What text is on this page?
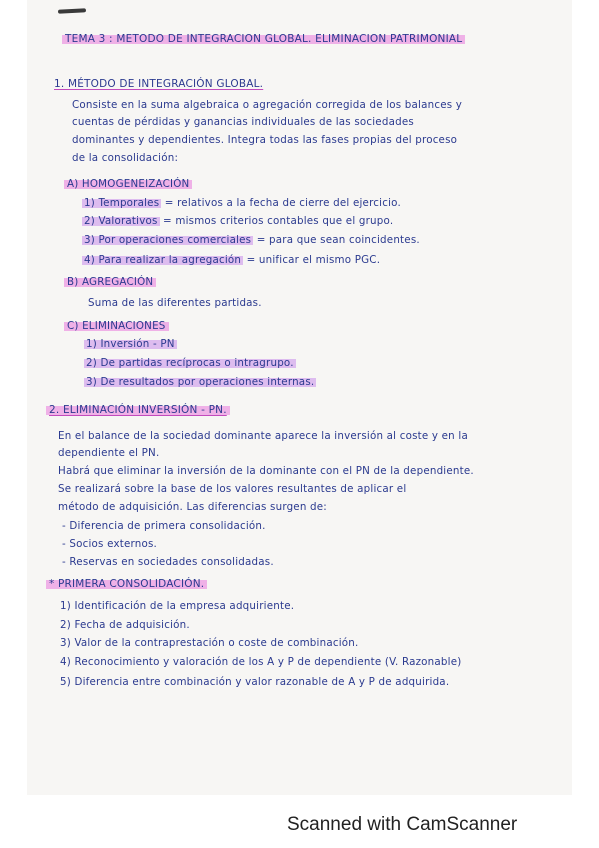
TEMA 3 : METODO DE INTEGRACION GLOBAL. ELIMINACION PATRIMONIAL
1. MÉTODO DE INTEGRACIÓN GLOBAL.
Consiste en la suma algebraica o agregación corregida de los balances y
cuentas de pérdidas y ganancias individuales de las sociedades
dominantes y dependientes. Integra todas las fases propias del proceso
de la consolidación:
A) HOMOGENEIZACIÓN
1) Temporales = relativos a la fecha de cierre del ejercicio.
2) Valorativos = mismos criterios contables que el grupo.
3) Por operaciones comerciales = para que sean coincidentes.
4) Para realizar la agregación = unificar el mismo PGC.
B) AGREGACIÓN
Suma de las diferentes partidas.
C) ELIMINACIONES
1) Inversión - PN
2) De partidas recíprocas o intragrupo.
3) De resultados por operaciones internas.
2. ELIMINACIÓN INVERSIÓN - PN.
En el balance de la sociedad dominante aparece la inversión al coste y en la
dependiente el PN.
Habrá que eliminar la inversión de la dominante con el PN de la dependiente.
Se realizará sobre la base de los valores resultantes de aplicar el
método de adquisición. Las diferencias surgen de:
- Diferencia de primera consolidación.
- Socios externos.
- Reservas en sociedades consolidadas.
* PRIMERA CONSOLIDACIÓN.
1) Identificación de la empresa adquiriente.
2) Fecha de adquisición.
3) Valor de la contraprestación o coste de combinación.
4) Reconocimiento y valoración de los A y P de dependiente (V. Razonable)
5) Diferencia entre combinación y valor razonable de A y P de adquirida.
Scanned with CamScanner
